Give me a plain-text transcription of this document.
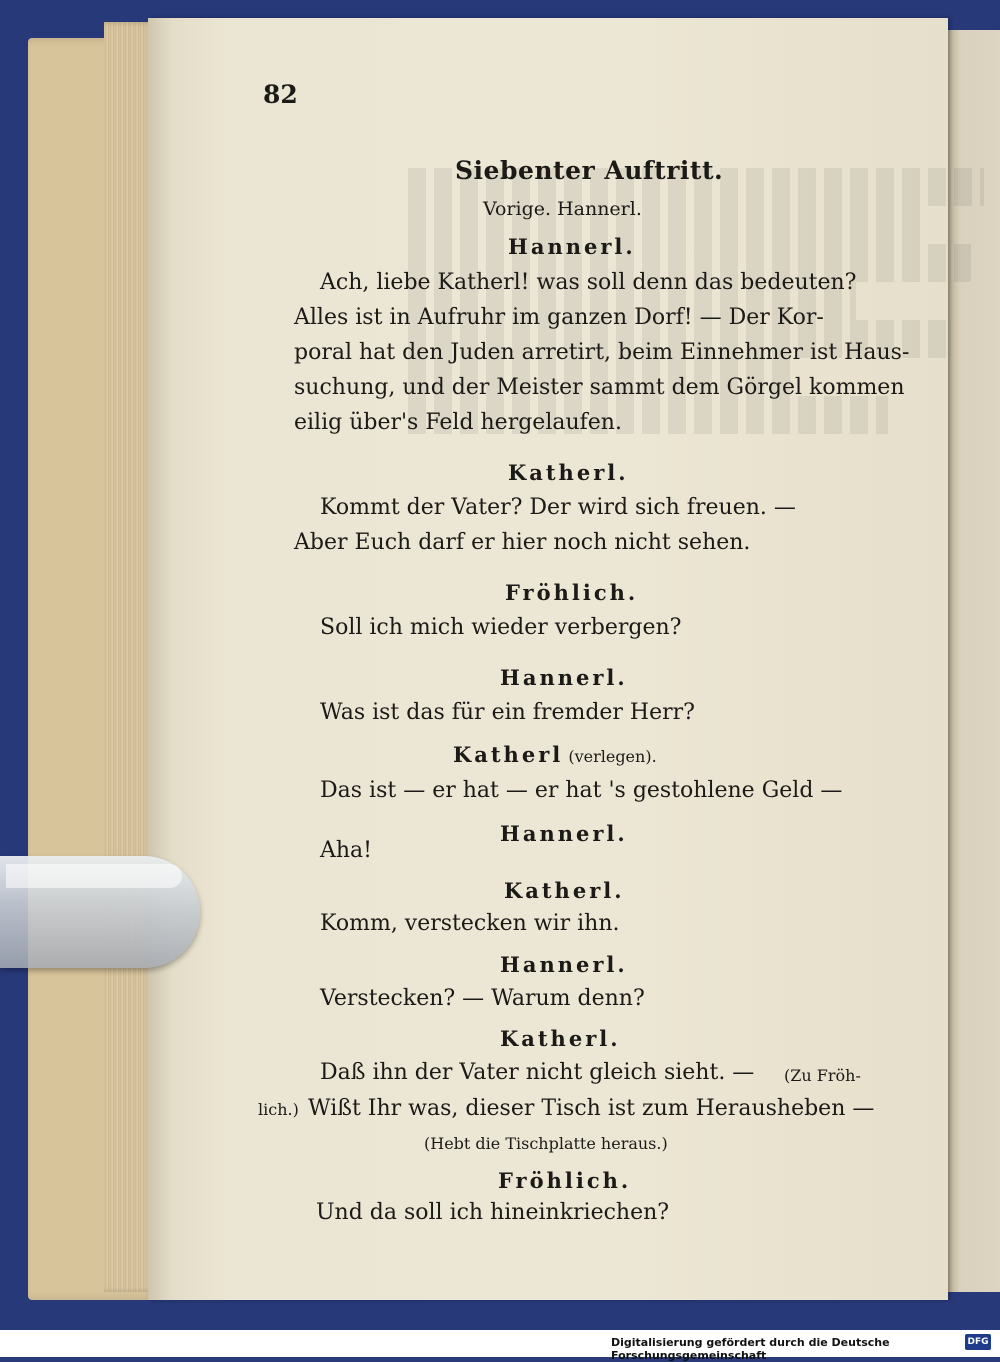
82
Siebenter Auftritt.
Vorige. Hannerl.
Hannerl.
Ach, liebe Katherl! was soll denn das bedeuten?
Alles ist in Aufruhr im ganzen Dorf! — Der Kor-
poral hat den Juden arretirt, beim Einnehmer ist Haus-
suchung, und der Meister sammt dem Görgel kommen
eilig über's Feld hergelaufen.
Katherl.
Kommt der Vater? Der wird sich freuen. —
Aber Euch darf er hier noch nicht sehen.
Fröhlich.
Soll ich mich wieder verbergen?
Hannerl.
Was ist das für ein fremder Herr?
Katherl (verlegen).
Das ist — er hat — er hat 's gestohlene Geld —
Hannerl.
Aha!
Katherl.
Komm, verstecken wir ihn.
Hannerl.
Verstecken? — Warum denn?
Katherl.
Daß ihn der Vater nicht gleich sieht. — (Zu Fröh-
lich.) Wißt Ihr was, dieser Tisch ist zum Herausheben —
(Hebt die Tischplatte heraus.)
Fröhlich.
Und da soll ich hineinkriechen?
Digitalisierung gefördert durch die Deutsche Forschungsgemeinschaft
DFG
